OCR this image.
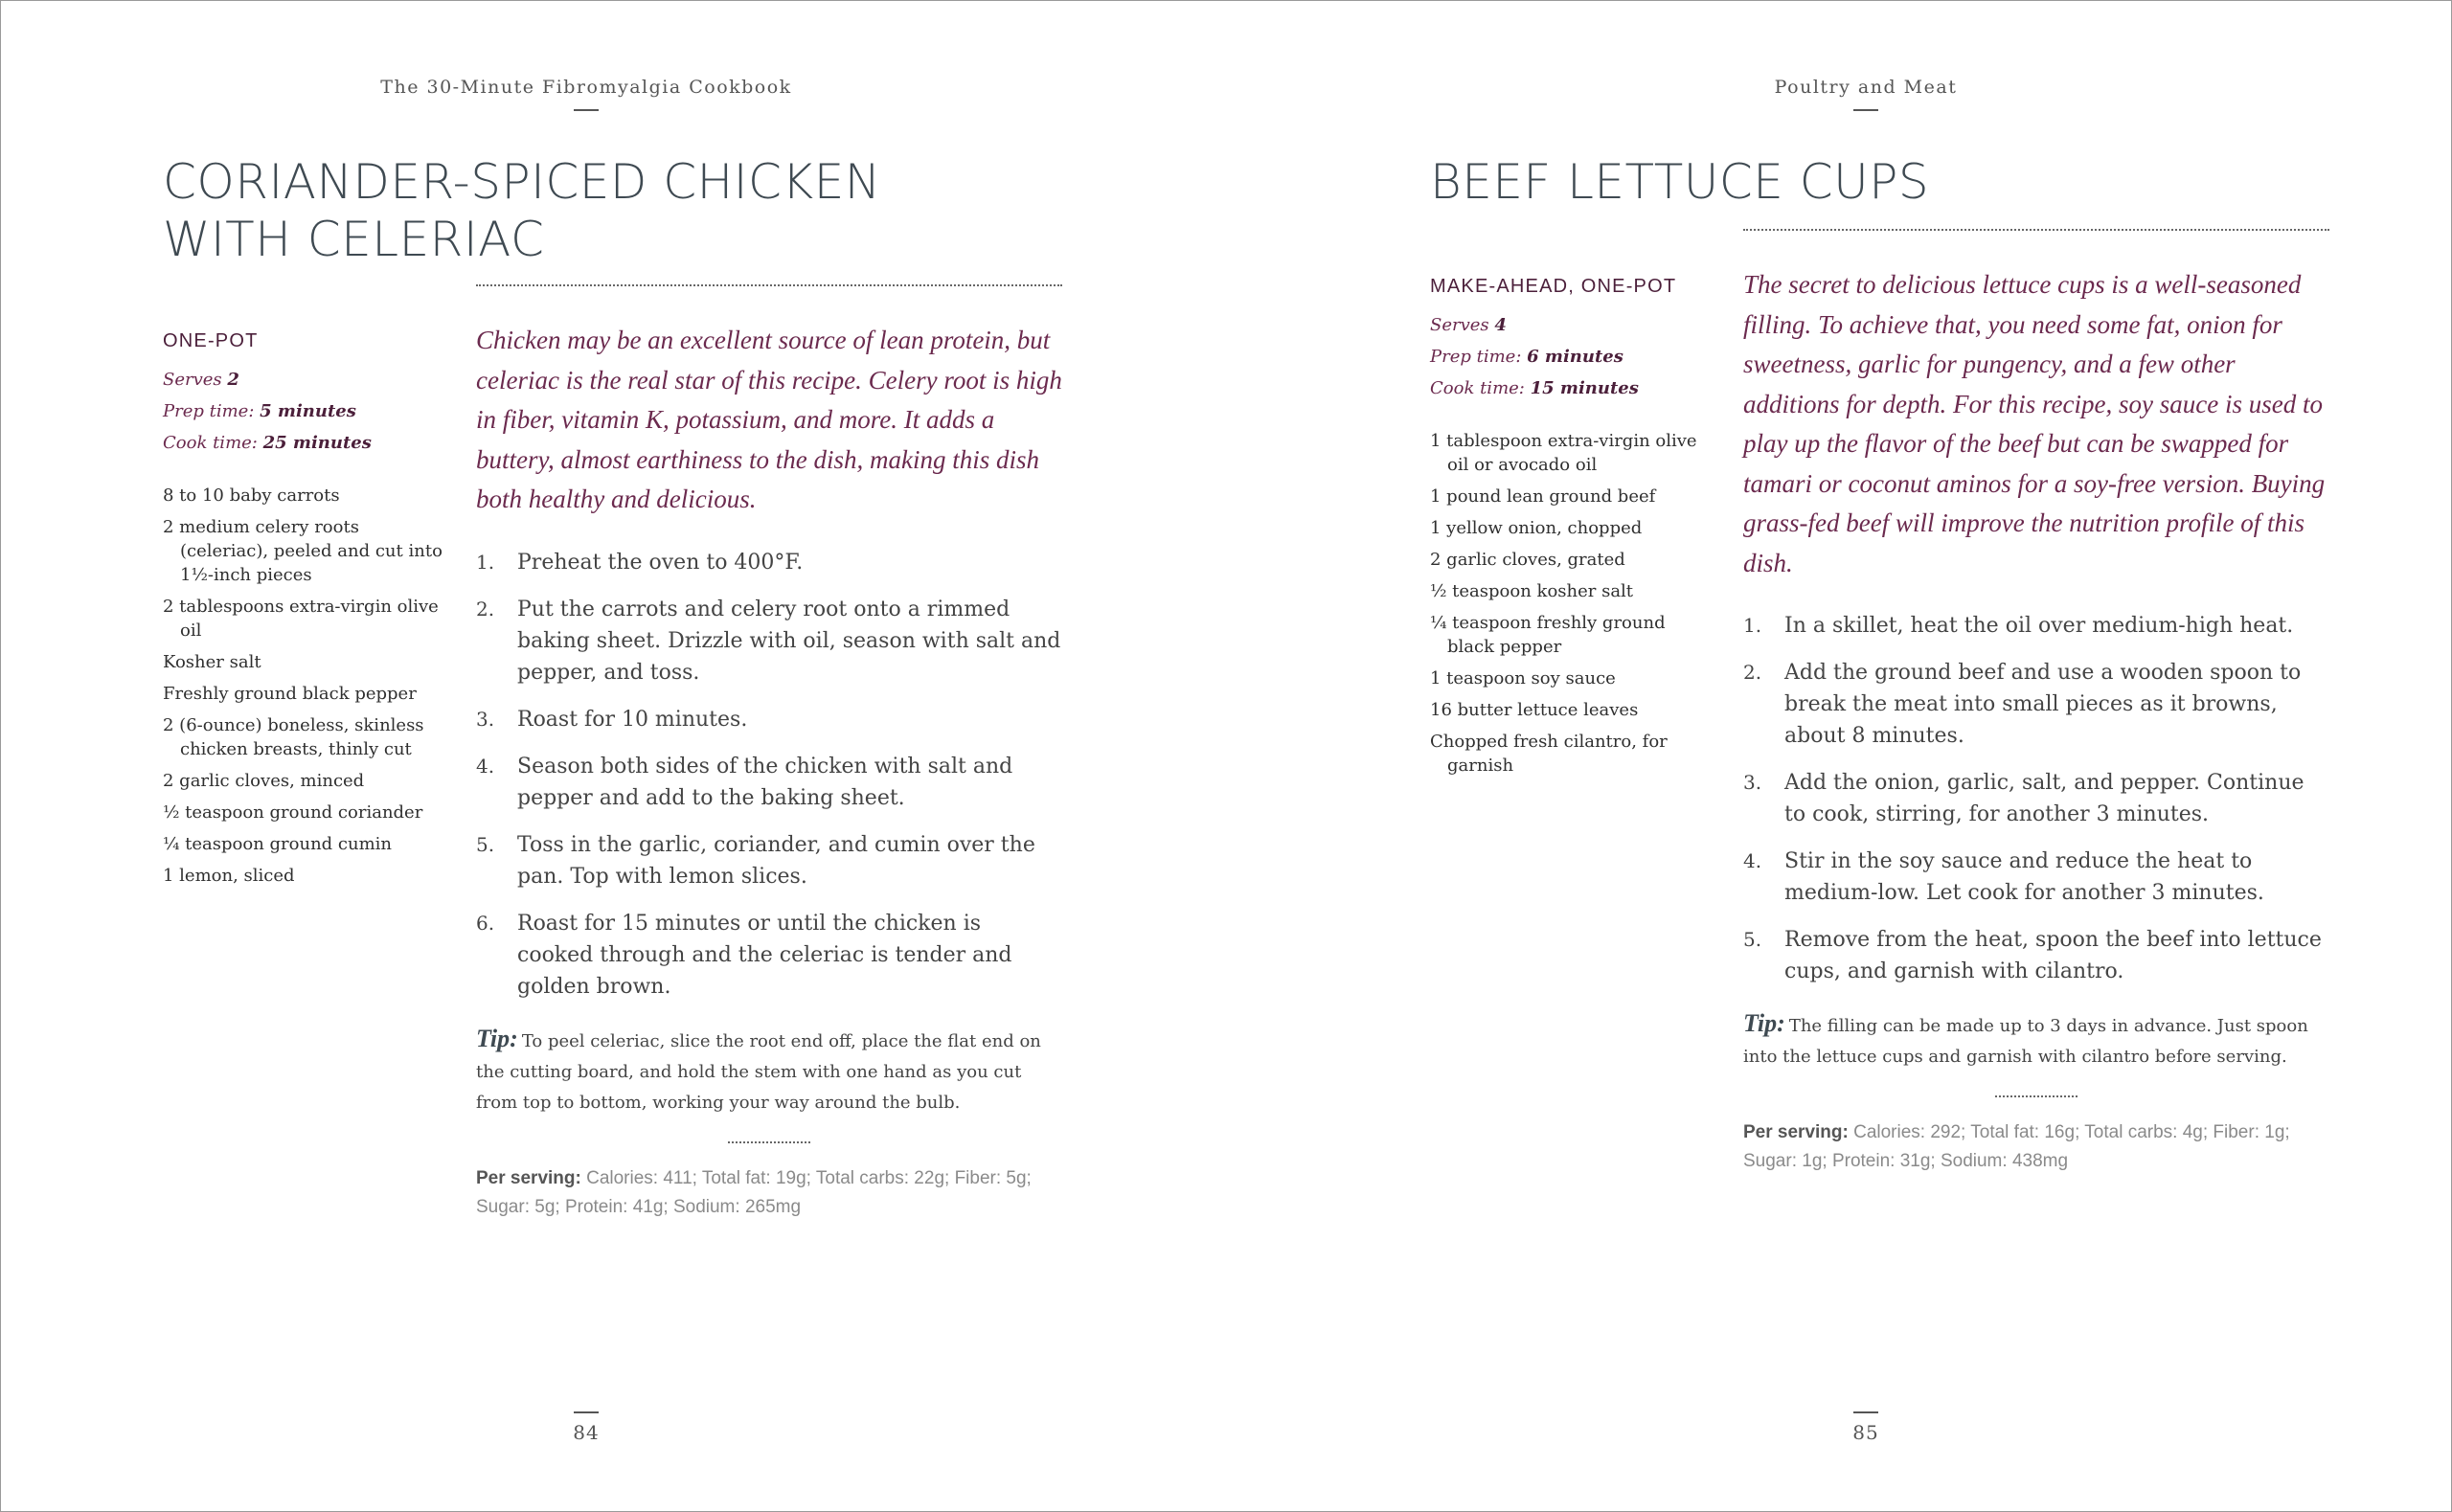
The 30-Minute Fibromyalgia Cookbook
CORIANDER-SPICED CHICKEN
WITH CELERIAC
ONE-POT
Serves 2
Prep time: 5 minutes
Cook time: 25 minutes
8 to 10 baby carrots
2 medium celery roots (celeriac), peeled and cut into 1½-inch pieces
2 tablespoons extra-virgin olive oil
Kosher salt
Freshly ground black pepper
2 (6-ounce) boneless, skinless chicken breasts, thinly cut
2 garlic cloves, minced
½ teaspoon ground coriander
¼ teaspoon ground cumin
1 lemon, sliced

Chicken may be an excellent source of lean protein, but celeriac is the real star of this recipe. Celery root is high in fiber, vitamin K, potassium, and more. It adds a buttery, almost earthiness to the dish, making this dish both healthy and delicious.

1. Preheat the oven to 400°F.
2. Put the carrots and celery root onto a rimmed baking sheet. Drizzle with oil, season with salt and pepper, and toss.
3. Roast for 10 minutes.
4. Season both sides of the chicken with salt and pepper and add to the baking sheet.
5. Toss in the garlic, coriander, and cumin over the pan. Top with lemon slices.
6. Roast for 15 minutes or until the chicken is cooked through and the celeriac is tender and golden brown.
Tip: To peel celeriac, slice the root end off, place the flat end on the cutting board, and hold the stem with one hand as you cut from top to bottom, working your way around the bulb.
Per serving: Calories: 411; Total fat: 19g; Total carbs: 22g; Fiber: 5g; Sugar: 5g; Protein: 41g; Sodium: 265mg
84
Poultry and Meat
BEEF LETTUCE CUPS
MAKE-AHEAD, ONE-POT
Serves 4
Prep time: 6 minutes
Cook time: 15 minutes
1 tablespoon extra-virgin olive oil or avocado oil
1 pound lean ground beef
1 yellow onion, chopped
2 garlic cloves, grated
½ teaspoon kosher salt
¼ teaspoon freshly ground black pepper
1 teaspoon soy sauce
16 butter lettuce leaves
Chopped fresh cilantro, for garnish

The secret to delicious lettuce cups is a well-seasoned filling. To achieve that, you need some fat, onion for sweetness, garlic for pungency, and a few other additions for depth. For this recipe, soy sauce is used to play up the flavor of the beef but can be swapped for tamari or coconut aminos for a soy-free version. Buying grass-fed beef will improve the nutrition profile of this dish.

1. In a skillet, heat the oil over medium-high heat.
2. Add the ground beef and use a wooden spoon to break the meat into small pieces as it browns, about 8 minutes.
3. Add the onion, garlic, salt, and pepper. Continue to cook, stirring, for another 3 minutes.
4. Stir in the soy sauce and reduce the heat to medium-low. Let cook for another 3 minutes.
5. Remove from the heat, spoon the beef into lettuce cups, and garnish with cilantro.
Tip: The filling can be made up to 3 days in advance. Just spoon into the lettuce cups and garnish with cilantro before serving.
Per serving: Calories: 292; Total fat: 16g; Total carbs: 4g; Fiber: 1g; Sugar: 1g; Protein: 31g; Sodium: 438mg
85
